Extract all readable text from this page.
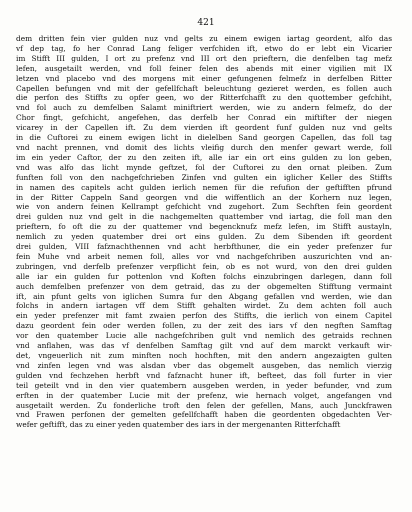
421
dem dritten fein vier gulden nuz vnd gelts zu einem ewigen iartag geordent, alfo das
vf dep tag, fo her Conrad Lang feliger verfchiden ift, etwo do er lebt ein Vicarier
im Stifft III gulden, I ort zu prefenz vnd III ort den prieftern, die denfelben tag mefz
lefen, ausgetailt werden, vnd foll feiner felen des abends mit einer vigilien mit IX
letzen vnd placebo vnd des morgens mit einer gefungenen felmefz in derfelben Ritter
Capellen befungen vnd mit der gefellfchaft beleuchtung gezieret werden, es follen auch
die perfon des Stiffts zu opfer geen, wo der Ritterfchafft zu den quottember gefchiht,
vnd fol auch zu demfelben Salamt miniftriert werden, wie zu andern felmefz, do der
Chor fingt, gefchicht, angefehen, das derfelb her Conrad ein miftifter der niegen
vicarey in der Capellen ift. Zu dem vierden ift geordent funf gulden nuz vnd gelts
in die Cuftorei zu einem ewigen licht in dielelben Sand georgen Capellen, das foll tag
vnd nacht prennen, vnd domit des lichts vleifig durch den menfer gewart werde, foll
im ein yeder Caftor, der zu den zeiten ift, alle iar ein ort eins gulden zu lon geben,
vnd was alfo das licht mynde geftzet, fol der Cuftorei zu den ornat pleiben. Zum
funften foll von den nachgefchrieben Zinfen vnd gulten ein iglicher Keller des Stiffts
in namen des capitels acht gulden ierlich nemen für die refufion der geftifften pfrund
in der Ritter Cappeln Sand georgen vnd die wiffentlich an der Korhern nuz legen,
wie von andern feinen Kellrampt gefchicht vnd zugehort. Zum Sechften fein geordent
drei gulden nuz vnd gelt in die nachgemelten quattember vnd iartag, die foll man den
prieftern, fo oft die zu der quattemer vnd begencknufz mefz lefen, im Stifft austayln,
nemlich zu yeden quatember drei ort eins gulden. Zu dem Sibenden ift geordent
drei gulden, VIII fafznachthennen vnd acht herbfthuner, die ein yeder prefenzer fur
fein Muhe vnd arbeit nemen foll, alles vor vnd nachgefchriben auszurichten vnd an-
zubringen, vnd derfelb prefenzer verpflicht fein, ob es not wurd, von den drei gulden
alle iar ein gulden fur pottenlon vnd Koften folchs einzubringen darlegen, dann foll
auch demfelben prefenzer von dem getraid, das zu der obgemelten Stifftung vermaint
ift, ain pfunt gelts von iglichen Sumra fur den Abgang gefallen vnd werden, wie dan
folchs in andern iartagen vff dem Stifft gehalten wirdet. Zu dem achten foll auch
ein yeder prefenzer mit famt zwaien perfon des Stiffts, die ierlich von einem Capitel
dazu geordent fein oder werden follen, zu der zeit des iars vf den negften Samftag
vor den quatember Lucie alle nachgefchriben gult vnd nemlich des getraids rechnen
vnd anflahen, was das vf denfelben Samftag gilt vnd auf dem marckt verkauft wir-
det, vngeuerlich nit zum minften noch hochften, mit den andern angezaigten gulten
vnd zinfen legen vnd was alsdan vber das obgemelt ausgeben, das nemlich vierzig
gulden vnd fechzehen herbft vnd fafznacht huner ift, befteet, das foll furter in vier
teil geteilt vnd in den vier quatembern ausgeben werden, in yeder befunder, vnd zum
erften in der quatember Lucie mit der prefenz, wie hernach volget, angefangen vnd
ausgetailt werden. Zu fonderliche troft den felen der gefellen, Mans, auch Junckfrawen
vnd Frawen perfonen der gemelten gefellfchafft haben die geordenten obgedachten Ver-
wefer geftifft, das zu einer yeden quatember des iars in der mergenanten Ritterfchafft
